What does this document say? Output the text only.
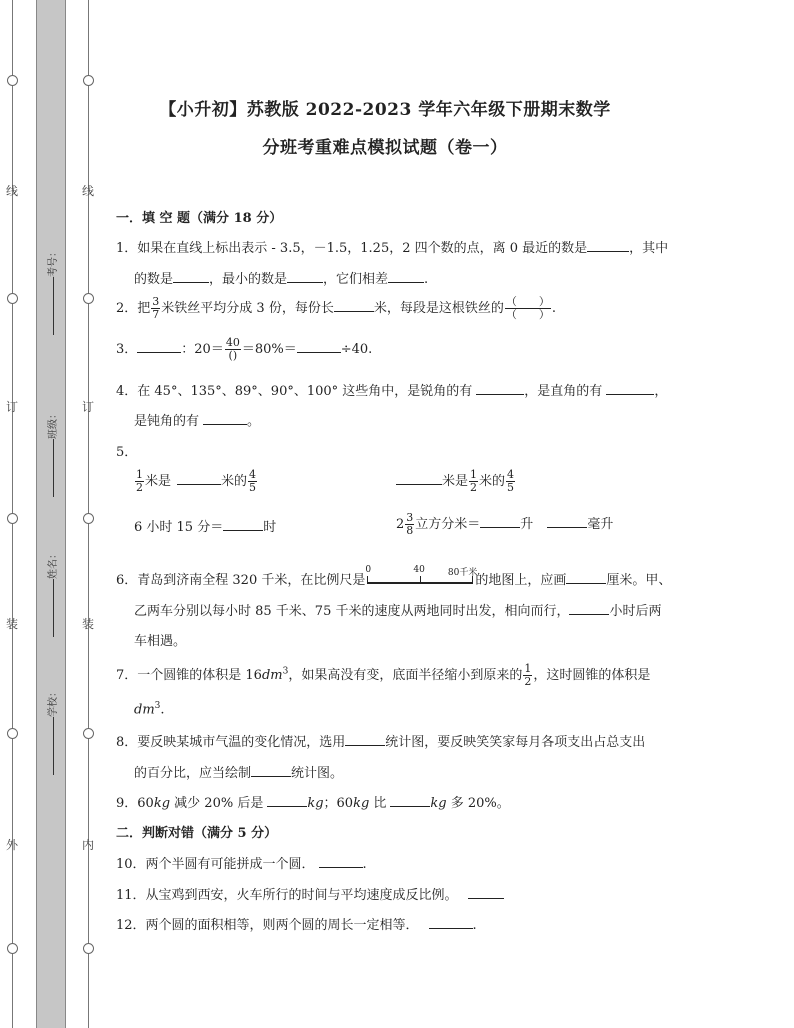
线
订
装
外
线
订
装
内
考号：
班级：
姓名：
学校：
【小升初】苏教版 2022-2023 学年六年级下册期末数学
分班考重难点模拟试题（卷一）
一．填 空 题（满分 18 分）
1．如果在直线上标出表示 - 3.5，－1.5，1.25，2 四个数的点，离 0 最近的数是	，其中
的数是	，最小的数是	，它们相差	.
2．把 $\frac{3}{7}$ 米铁丝平均分成 3 份，每份长	米，每段是这根铁丝的 $\frac{( )}{( )}$ .
3．	：$20= \frac{40}{()} =80\%=$	÷40.
4．在 45°、135°、89°、90°、100° 这些角中，是锐角的有	，是直角的有	，
是钝角的有	。
5．
$\frac{1}{2}$ 米是	米的 $\frac{4}{5}$	米是 $\frac{1}{2}$ 米的 $\frac{4}{5}$
6 小时 15 分＝	时	$2 \frac{3}{8}$ 立方分米＝	升	毫升
6．青岛到济南全程 320 千米，在比例尺是
0	40	80千米
的地图上，应画	厘米。甲、
乙两车分别以每小时 85 千米、75 千米的速度从两地同时出发，相向而行，	小时后两
车相遇。
7．一个圆锥的体积是 $16dm^3$，如果高没有变，底面半径缩小到原来的 $\frac{1}{2}$ ，这时圆锥的体积是
$dm^3$.
8．要反映某城市气温的变化情况，选用	统计图，要反映笑笑家每月各项支出占总支出
的百分比，应当绘制	统计图。
9．60kg 减少 20% 后是	kg；60kg 比	kg 多 20%。
二．判断对错（满分 5 分）
10．两个半圆有可能拼成一个圆．	.
11．从宝鸡到西安，火车所行的时间与平均速度成反比例。
12．两个圆的面积相等，则两个圆的周长一定相等．	.
